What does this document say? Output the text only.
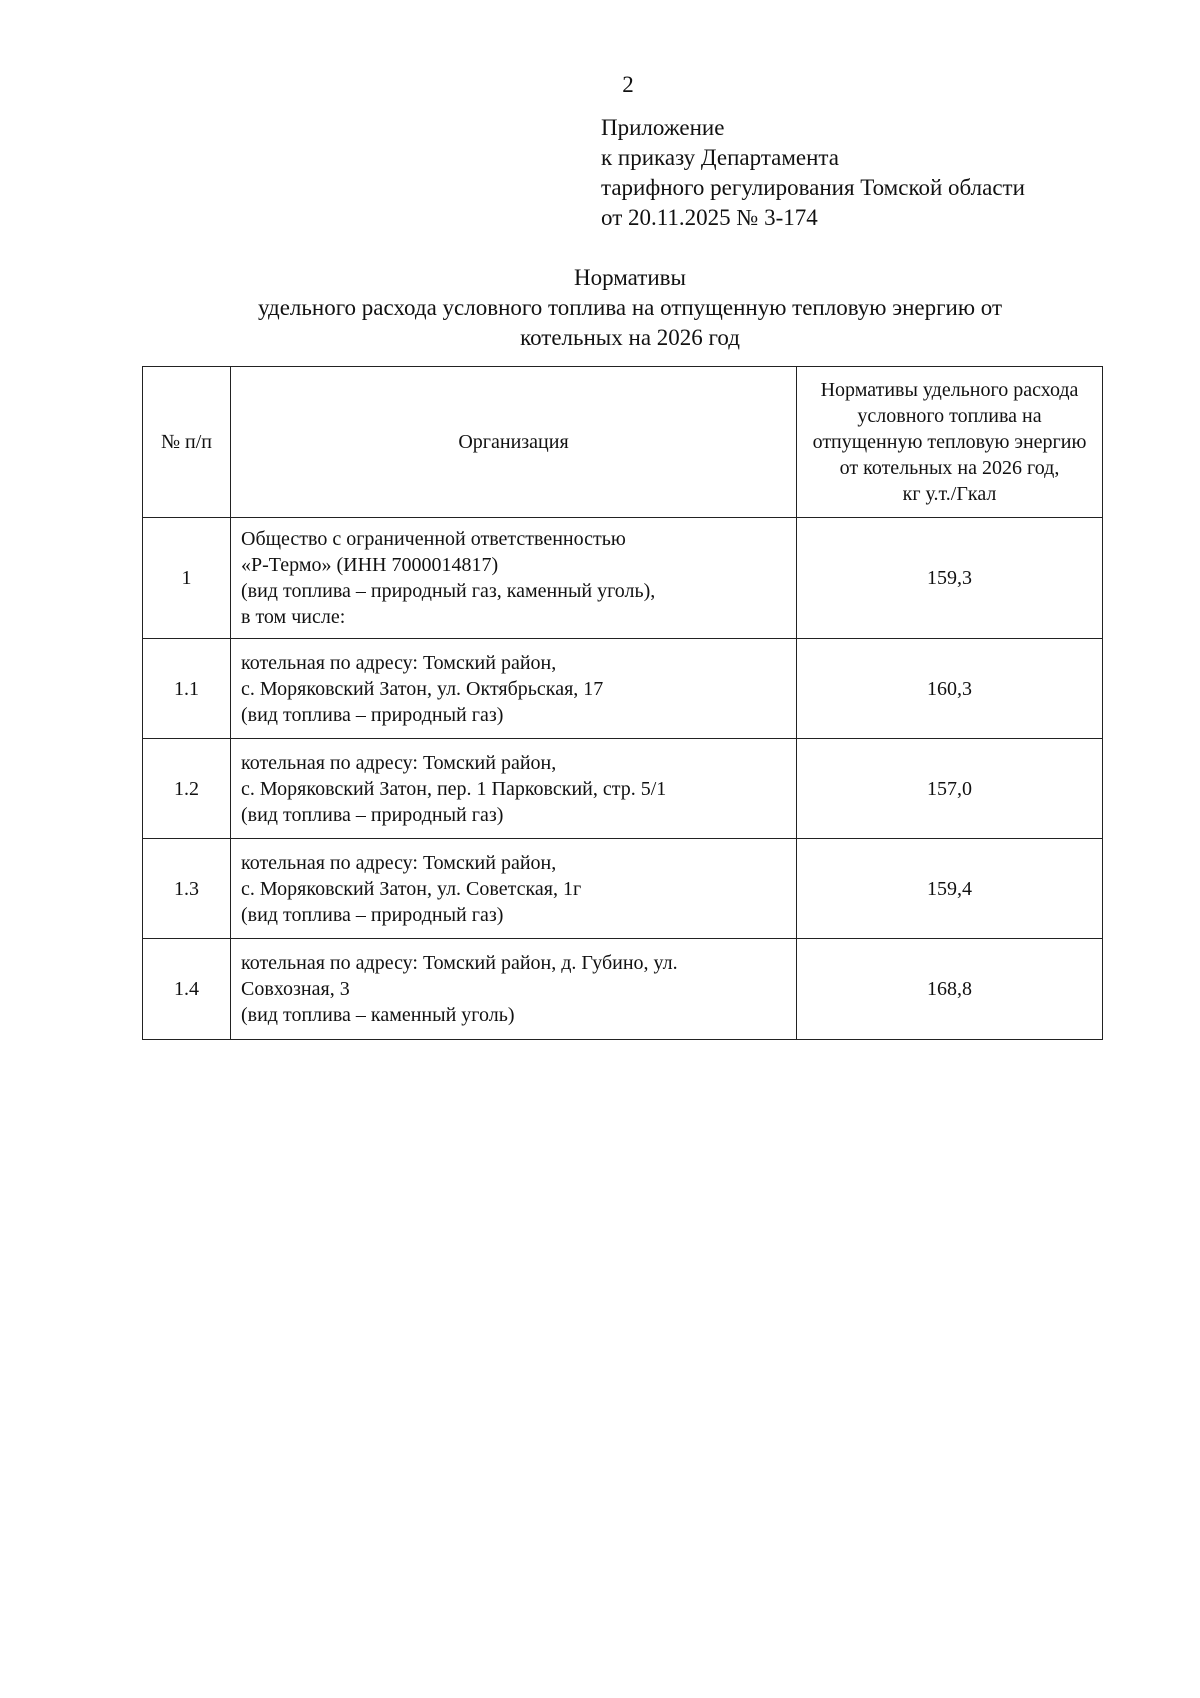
2
Приложение
к приказу Департамента
тарифного регулирования Томской области
от 20.11.2025 № 3-174
Нормативы
удельного расхода условного топлива на отпущенную тепловую энергию от
котельных на 2026 год
№ п/п	Организация	Нормативы удельного расхода
условного топлива на
отпущенную тепловую энергию
от котельных на 2026 год,
кг у.т./Гкал

1	Общество с ограниченной ответственностью
«Р-Термо» (ИНН 7000014817)
(вид топлива – природный газ, каменный уголь),
в том числе:	159,3
1.1	котельная по адресу: Томский район,
с. Моряковский Затон, ул. Октябрьская, 17
(вид топлива – природный газ)	160,3
1.2	котельная по адресу: Томский район,
с. Моряковский Затон, пер. 1 Парковский, стр. 5/1
(вид топлива – природный газ)	157,0
1.3	котельная по адресу: Томский район,
с. Моряковский Затон, ул. Советская, 1г
(вид топлива – природный газ)	159,4
1.4	котельная по адресу: Томский район, д. Губино, ул.
Совхозная, 3
(вид топлива – каменный уголь)	168,8
